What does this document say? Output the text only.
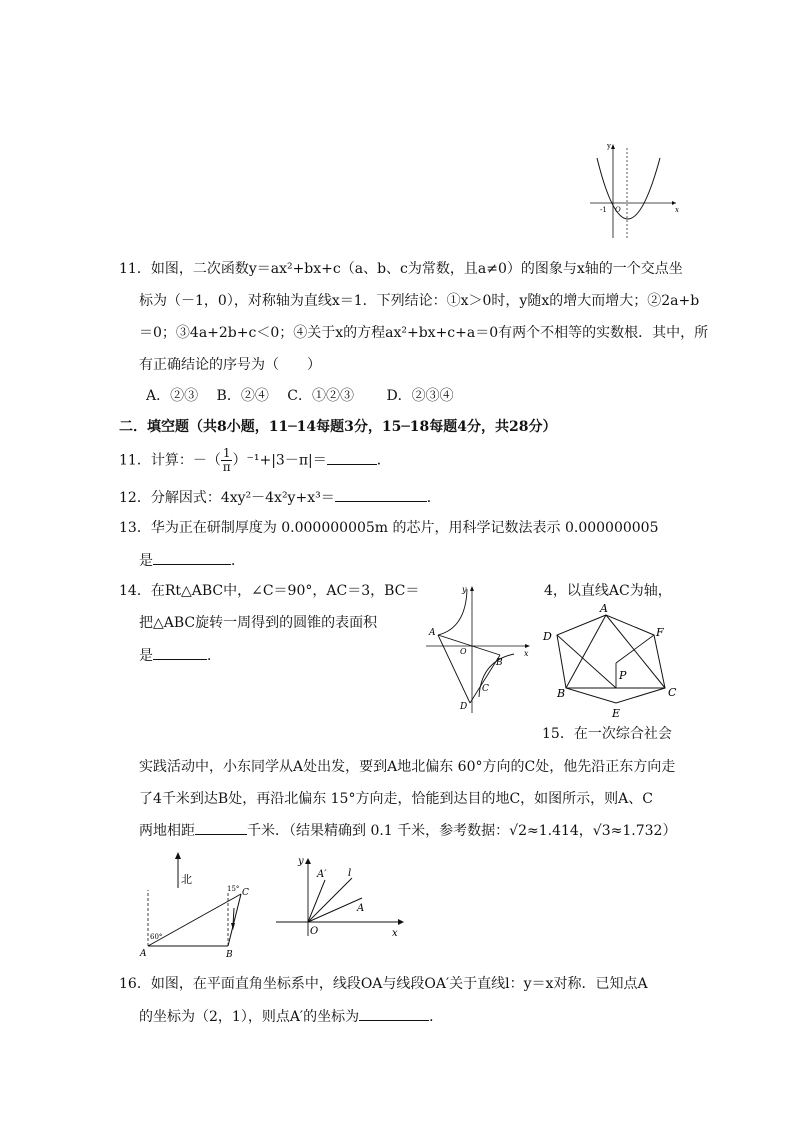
y
x
-1 O
11．如图，二次函数y＝ax²+bx+c（a、b、c为常数，且a≠0）的图象与x轴的一个交点坐
标为（－1，0），对称轴为直线x＝1．下列结论：①x＞0时，y随x的增大而增大；②2a+b
＝0；③4a+2b+c＜0；④关于x的方程ax²+bx+c+a＝0有两个不相等的实数根．其中，所
有正确结论的序号为（　　）
A．②③　 B．②④　 C．①②③　　 D．②③④
二．填空题（共8小题，11─14每题3分，15─18每题4分，共28分）
11．计算：－（ $\frac{1}{\pi} )^{-1}+|3-\pi|=$	．
12．分解因式：4xy²－4x²y+x³＝	．
13．华为正在研制厚度为 0.000000005m 的芯片，用科学记数法表示 0.000000005
是	．
14．在Rt△ABC中，∠C＝90°，AC＝3，BC＝	4，以直线AC为轴，
把△ABC旋转一周得到的圆锥的表面积
是	．
y
x
A
O
B
C
D
A
D	F
P
B	C
E
15．在一次综合社会
实践活动中，小东同学从A处出发，要到A地北偏东 60°方向的C处，他先沿正东方向走
了4千米到达B处，再沿北偏东 15°方向走，恰能到达目的地C，如图所示，则A、C
两地相距	千米．（结果精确到 0.1 千米，参考数据：√2≈1.414，√3≈1.732）
北
60°
15°
A	B
C
y
x
O
A
A′ l
16．如图，在平面直角坐标系中，线段OA与线段OA′关于直线l：y＝x对称．已知点A
的坐标为（2，1），则点A′的坐标为	．
